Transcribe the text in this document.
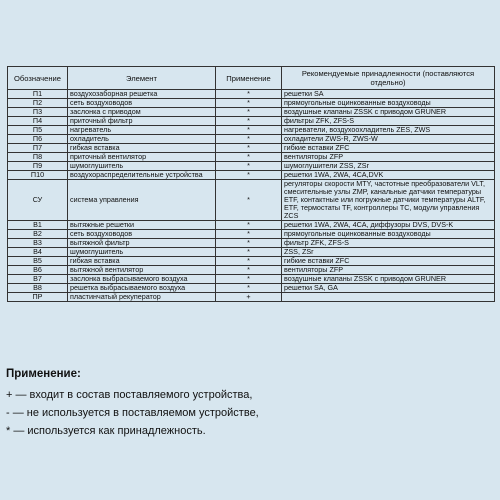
Обозначение	Элемент	Применение	Рекомендуемые принадлежности (поставляются отдельно)
П1	воздухозаборная решетка	*	решетки SA
П2	сеть воздуховодов	*	прямоугольные оцинкованные воздуховоды
П3	заслонка с приводом	*	воздушные клапаны ZSSK с приводом GRUNER
П4	приточный фильтр	*	фильтры ZFK, ZFS-S
П5	нагреватель	*	нагреватели, воздухоохладитель ZES, ZWS
П6	охладитель	*	охладители ZWS-R, ZWS-W
П7	гибкая вставка	*	гибкие вставки ZFC
П8	приточный вентилятор	*	вентиляторы ZFP
П9	шумоглушитель	*	шумоглушители ZSS, ZSr
П10	воздухораспределительные устройства	*	решетки 1WA, 2WA, 4CA,DVK
СУ	система управления	*	регуляторы скорости MTY, частотные преобразователи VLT, смесительные узлы ZMP, канальные датчики температуры ETF, контактные или погружные датчики температуры ALTF, ETF, термостаты TF, контроллеры TC, модули управления ZCS
В1	вытяжные решетки	*	решетки 1WA, 2WA, 4CA, диффузоры DVS, DVS-K
В2	сеть воздуховодов	*	прямоугольные оцинкованные воздуховоды
В3	вытяжной фильтр	*	фильтр ZFK, ZFS-S
В4	шумоглушитель	*	ZSS, ZSr
В5	гибкая вставка	*	гибкие вставки ZFC
В6	вытяжной вентилятор	*	вентиляторы ZFP
В7	заслонка выбрасываемого воздуха	*	воздушные клапаны ZSSK с приводом GRUNER
В8	решетка выбрасываемого воздуха	*	решетки SA, GA
ПР	пластинчатый рекуператор	+	
Применение:
+ — входит в состав поставляемого устройства,
- — не используется в поставляемом устройстве,
* — используется как принадлежность.
